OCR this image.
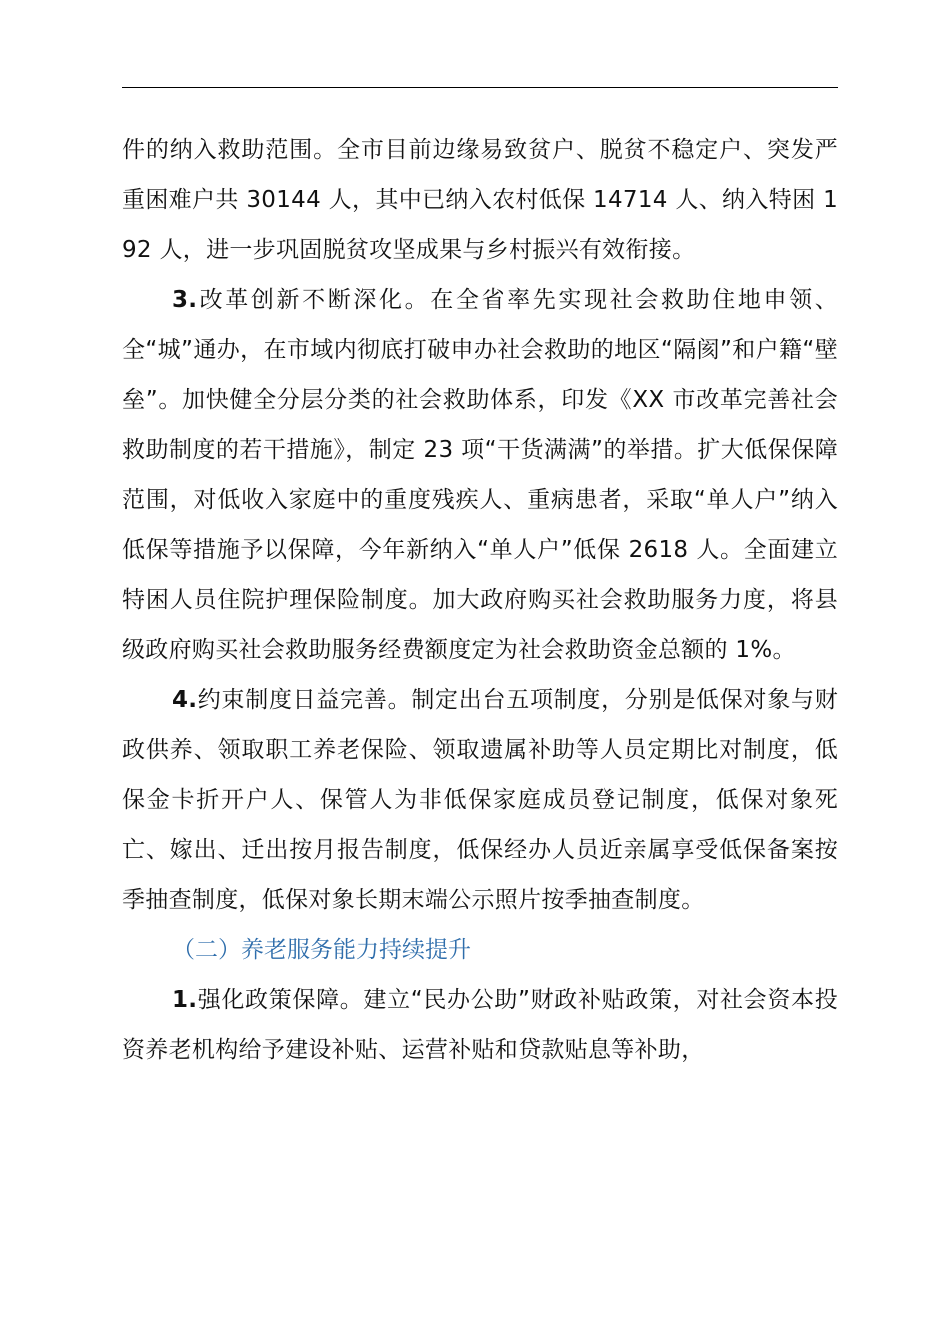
件的纳入救助范围。全市目前边缘易致贫户、脱贫不稳定户、突发严重困难户共 30144 人，其中已纳入农村低保 14714 人、纳入特困 192 人，进一步巩固脱贫攻坚成果与乡村振兴有效衔接。

3.改革创新不断深化。在全省率先实现社会救助住地申领、全“城”通办，在市域内彻底打破申办社会救助的地区“隔阂”和户籍“壁垒”。加快健全分层分类的社会救助体系，印发《XX 市改革完善社会救助制度的若干措施》，制定 23 项“干货满满”的举措。扩大低保保障范围，对低收入家庭中的重度残疾人、重病患者，采取“单人户”纳入低保等措施予以保障，今年新纳入“单人户”低保 2618 人。全面建立特困人员住院护理保险制度。加大政府购买社会救助服务力度，将县级政府购买社会救助服务经费额度定为社会救助资金总额的 1%。

4.约束制度日益完善。制定出台五项制度，分别是低保对象与财政供养、领取职工养老保险、领取遗属补助等人员定期比对制度，低保金卡折开户人、保管人为非低保家庭成员登记制度，低保对象死亡、嫁出、迁出按月报告制度，低保经办人员近亲属享受低保备案按季抽查制度，低保对象长期末端公示照片按季抽查制度。

（二）养老服务能力持续提升

1.强化政策保障。建立“民办公助”财政补贴政策，对社会资本投资养老机构给予建设补贴、运营补贴和贷款贴息等补助，
